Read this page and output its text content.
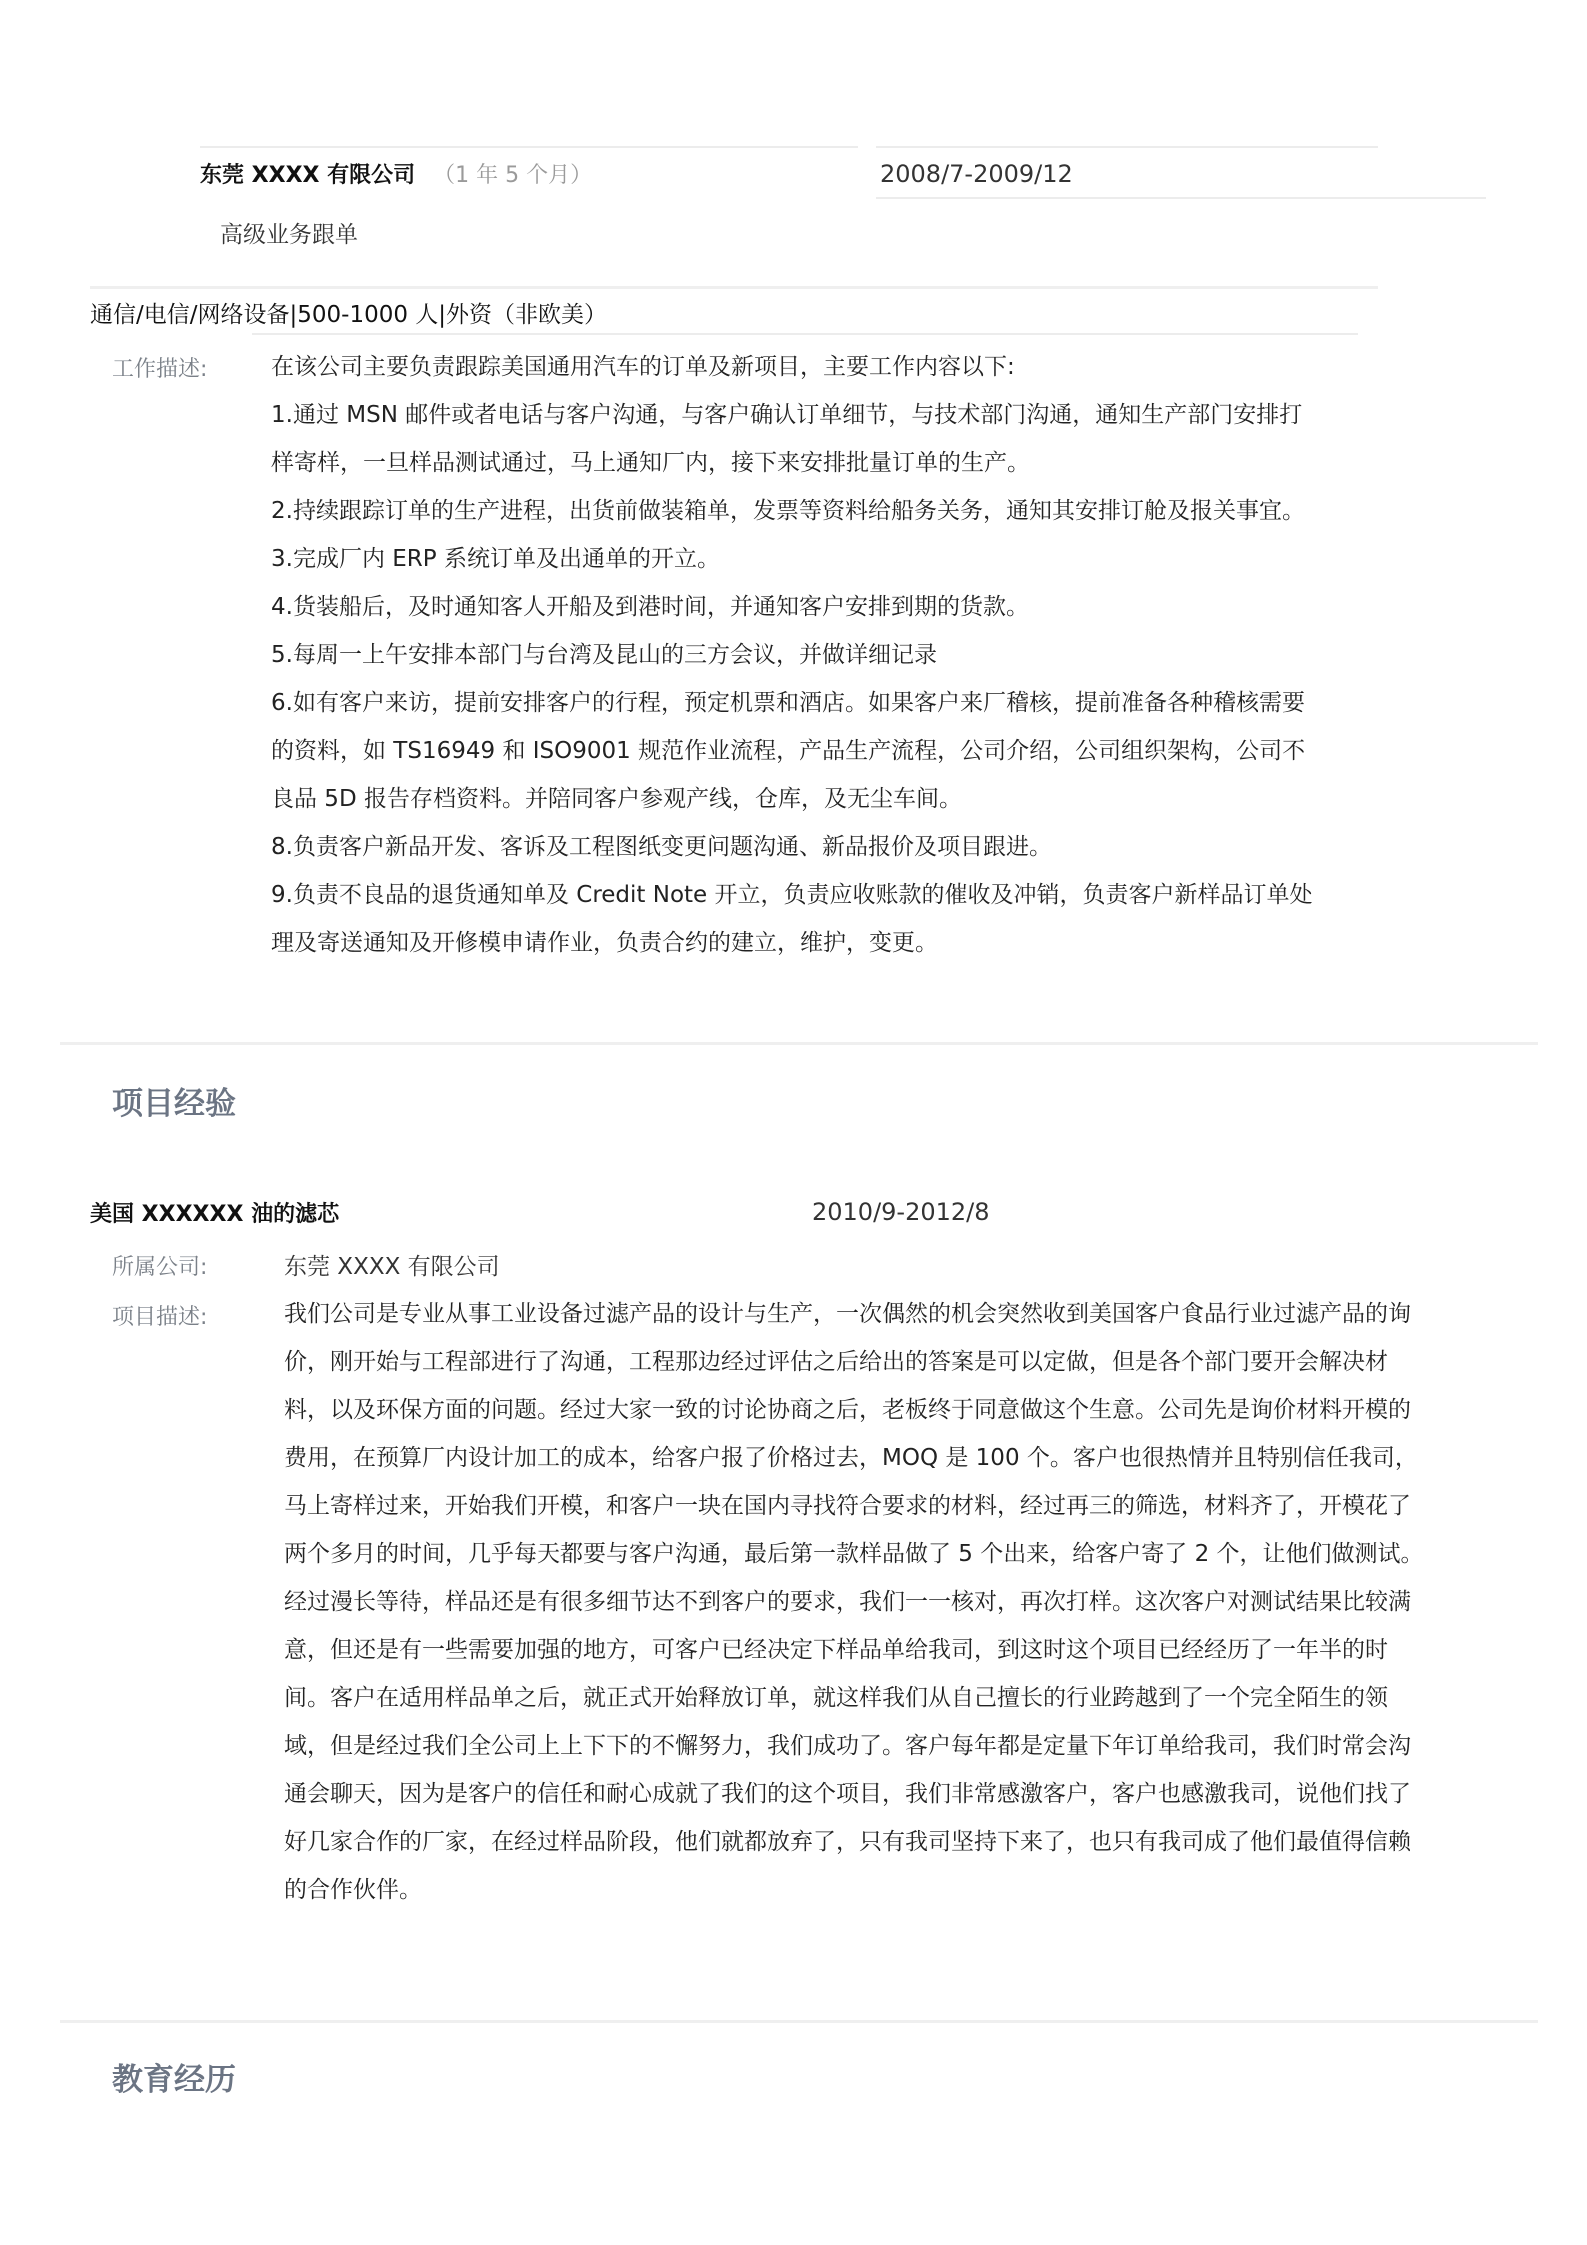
东莞 XXXX 有限公司 （1 年 5 个月）	2008/7-2009/12
高级业务跟单
通信/电信/网络设备|500-1000 人|外资（非欧美）
工作描述:	在该公司主要负责跟踪美国通用汽车的订单及新项目，主要工作内容以下:
1.通过 MSN 邮件或者电话与客户沟通，与客户确认订单细节，与技术部门沟通，通知生产部门安排打
样寄样，一旦样品测试通过，马上通知厂内，接下来安排批量订单的生产。
2.持续跟踪订单的生产进程，出货前做装箱单，发票等资料给船务关务，通知其安排订舱及报关事宜。
3.完成厂内 ERP 系统订单及出通单的开立。
4.货装船后，及时通知客人开船及到港时间，并通知客户安排到期的货款。
5.每周一上午安排本部门与台湾及昆山的三方会议，并做详细记录
6.如有客户来访，提前安排客户的行程，预定机票和酒店。如果客户来厂稽核，提前准备各种稽核需要
的资料，如 TS16949 和 ISO9001 规范作业流程，产品生产流程，公司介绍，公司组织架构，公司不
良品 5D 报告存档资料。并陪同客户参观产线，仓库，及无尘车间。
8.负责客户新品开发、客诉及工程图纸变更问题沟通、新品报价及项目跟进。
9.负责不良品的退货通知单及 Credit Note 开立，负责应收账款的催收及冲销，负责客户新样品订单处
理及寄送通知及开修模申请作业，负责合约的建立，维护，变更。
项目经验
美国 XXXXXX 油的滤芯	2010/9-2012/8
所属公司:	东莞 XXXX 有限公司
项目描述:	我们公司是专业从事工业设备过滤产品的设计与生产，一次偶然的机会突然收到美国客户食品行业过滤产品的询
价，刚开始与工程部进行了沟通，工程那边经过评估之后给出的答案是可以定做，但是各个部门要开会解决材
料，以及环保方面的问题。经过大家一致的讨论协商之后，老板终于同意做这个生意。公司先是询价材料开模的
费用，在预算厂内设计加工的成本，给客户报了价格过去，MOQ 是 100 个。客户也很热情并且特别信任我司，
马上寄样过来，开始我们开模，和客户一块在国内寻找符合要求的材料，经过再三的筛选，材料齐了，开模花了
两个多月的时间，几乎每天都要与客户沟通，最后第一款样品做了 5 个出来，给客户寄了 2 个，让他们做测试。
经过漫长等待，样品还是有很多细节达不到客户的要求，我们一一核对，再次打样。这次客户对测试结果比较满
意，但还是有一些需要加强的地方，可客户已经决定下样品单给我司，到这时这个项目已经经历了一年半的时
间。客户在适用样品单之后，就正式开始释放订单，就这样我们从自己擅长的行业跨越到了一个完全陌生的领
域，但是经过我们全公司上上下下的不懈努力，我们成功了。客户每年都是定量下年订单给我司，我们时常会沟
通会聊天，因为是客户的信任和耐心成就了我们的这个项目，我们非常感激客户，客户也感激我司，说他们找了
好几家合作的厂家，在经过样品阶段，他们就都放弃了，只有我司坚持下来了，也只有我司成了他们最值得信赖
的合作伙伴。
教育经历
